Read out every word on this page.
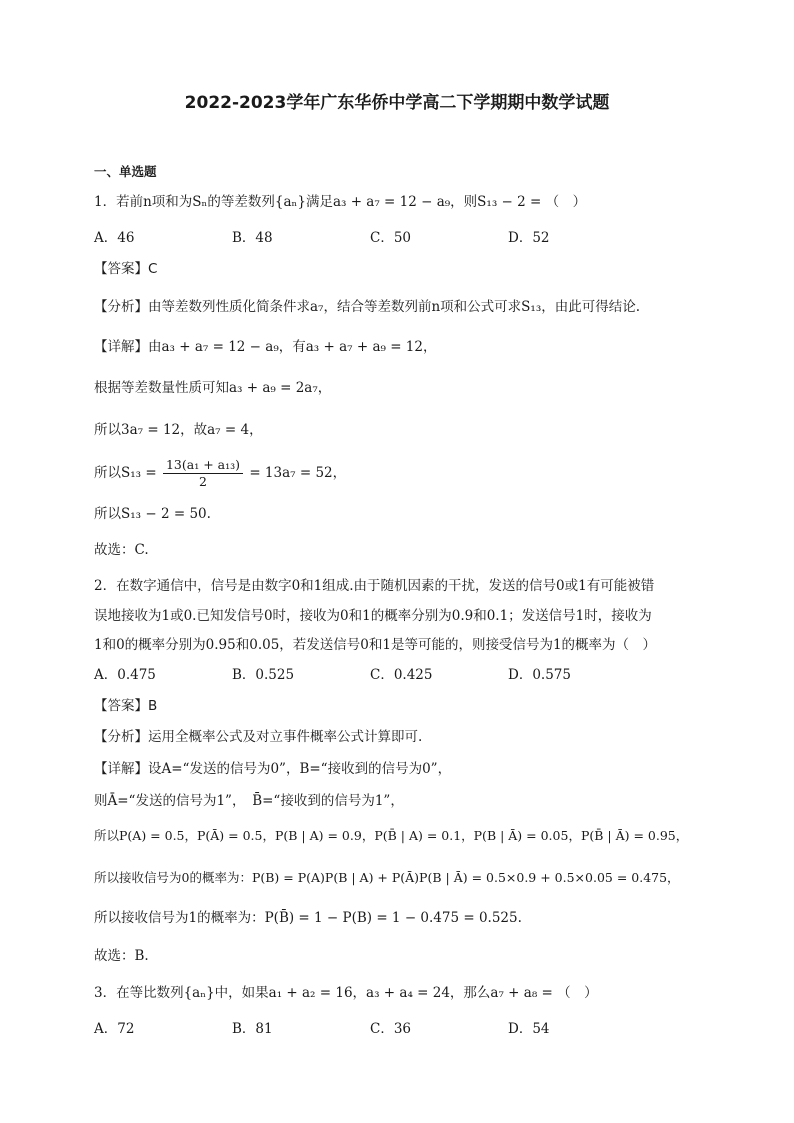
2022-2023学年广东华侨中学高二下学期期中数学试题
一、单选题
1．若前n项和为Sₙ的等差数列{aₙ}满足a₃ + a₇ = 12 − a₉，则S₁₃ − 2 = （　）
A．46	B．48	C．50	D．52
【答案】C
【分析】由等差数列性质化简条件求a₇，结合等差数列前n项和公式可求S₁₃，由此可得结论.
【详解】由a₃ + a₇ = 12 − a₉，有a₃ + a₇ + a₉ = 12，
根据等差数量性质可知a₃ + a₉ = 2a₇，
所以3a₇ = 12，故a₇ = 4，
所以$S_{13} = \frac{\text{13(a₁ + a₁₃)}}{2} = 13a_7 = 52$，
所以S₁₃ − 2 = 50.
故选：C.
2．在数字通信中，信号是由数字0和1组成.由于随机因素的干扰，发送的信号0或1有可能被错
误地接收为1或0.已知发信号0时，接收为0和1的概率分别为0.9和0.1；发送信号1时，接收为
1和0的概率分别为0.95和0.05，若发送信号0和1是等可能的，则接受信号为1的概率为（　）
A．0.475	B．0.525	C．0.425	D．0.575
【答案】B
【分析】运用全概率公式及对立事件概率公式计算即可.
【详解】设A=“发送的信号为0”，B=“接收到的信号为0”，
则Ā=“发送的信号为1”，　B̄=“接收到的信号为1”，
所以P(A) = 0.5，P(Ā) = 0.5，P(B | A) = 0.9，P(B̄ | A) = 0.1，P(B | Ā) = 0.05，P(B̄ | Ā) = 0.95，
所以接收信号为0的概率为：P(B) = P(A)P(B | A) + P(Ā)P(B | Ā) = 0.5×0.9 + 0.5×0.05 = 0.475，
所以接收信号为1的概率为：P(B̄) = 1 − P(B) = 1 − 0.475 = 0.525.
故选：B.
3．在等比数列{aₙ}中，如果a₁ + a₂ = 16，a₃ + a₄ = 24，那么a₇ + a₈ = （　）
A．72	B．81	C．36	D．54
